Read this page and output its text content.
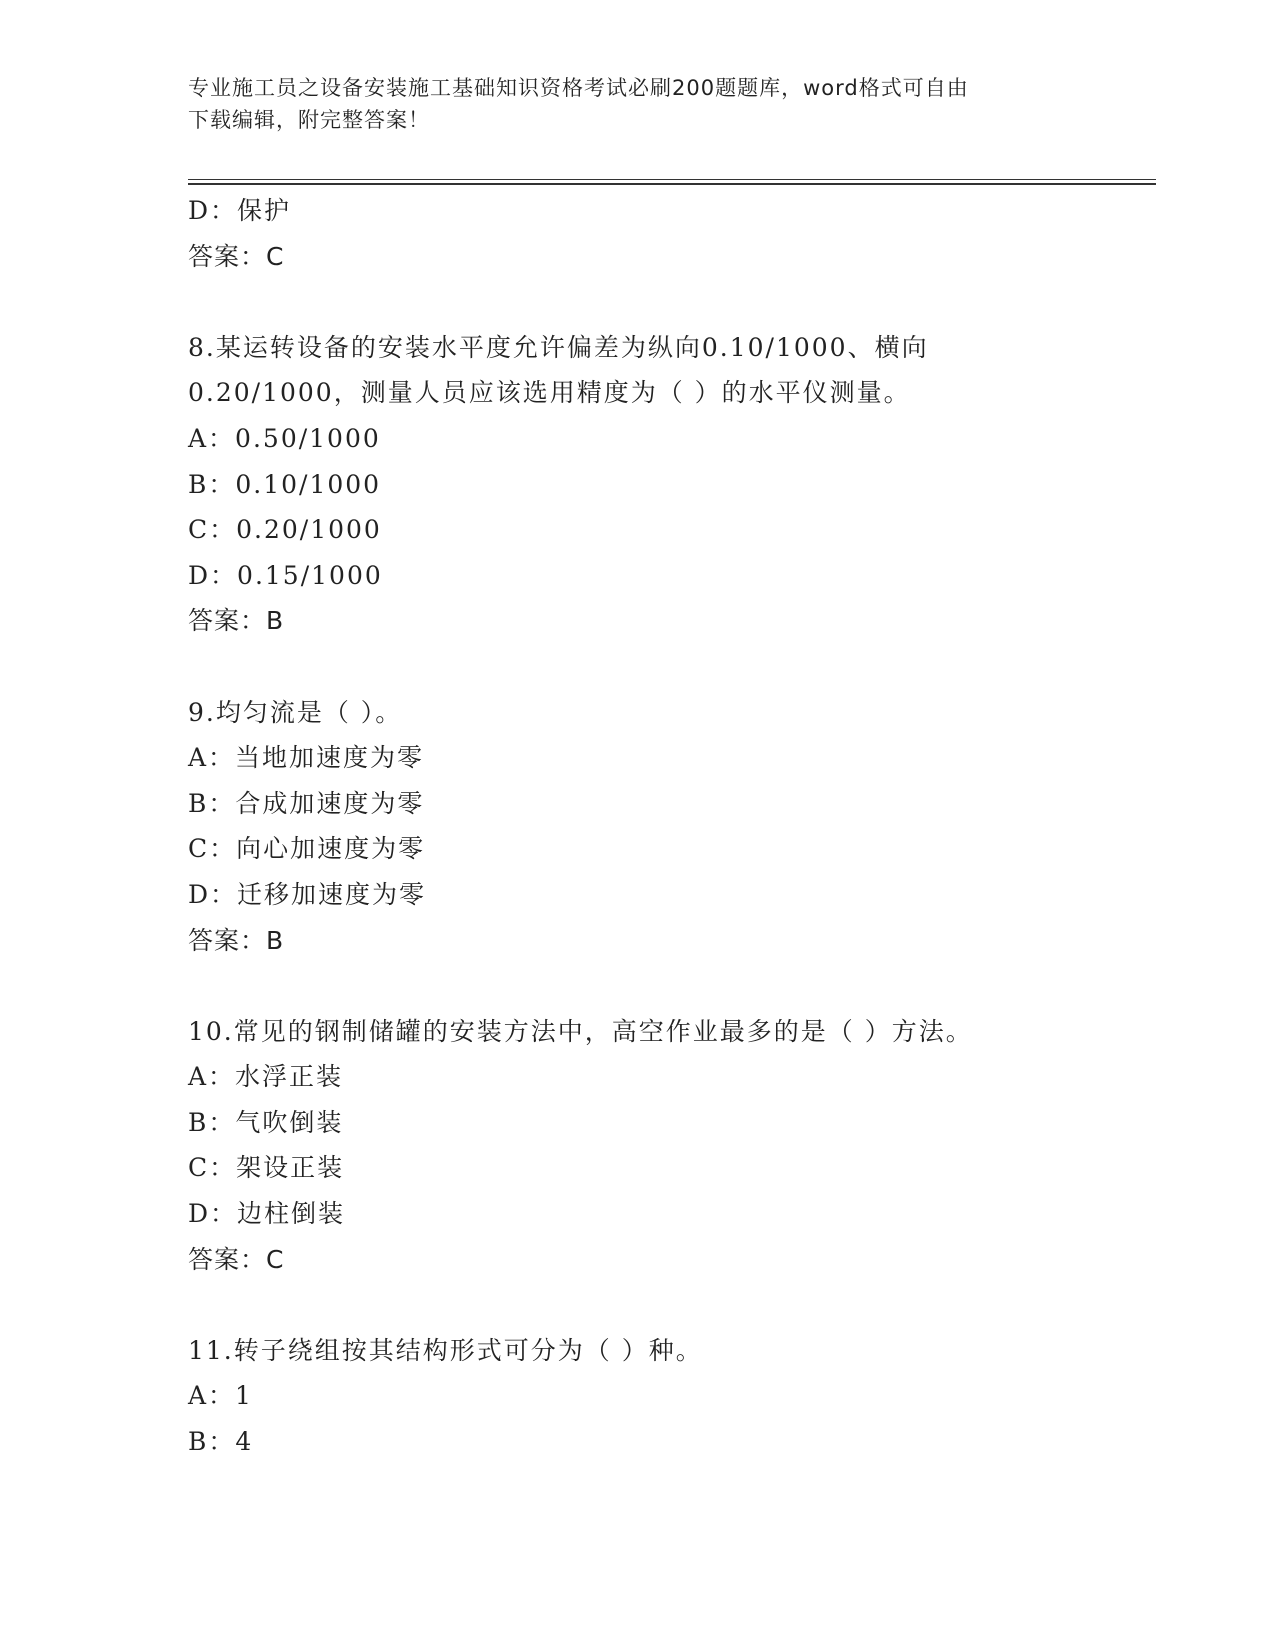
专业施工员之设备安装施工基础知识资格考试必刷200题题库，word格式可自由
下载编辑，附完整答案！
D：保护
答案：C
8.某运转设备的安装水平度允许偏差为纵向0.10/1000、横向
0.20/1000，测量人员应该选用精度为（ ）的水平仪测量。
A：0.50/1000
B：0.10/1000
C：0.20/1000
D：0.15/1000
答案：B
9.均匀流是（ ）。
A：当地加速度为零
B：合成加速度为零
C：向心加速度为零
D：迁移加速度为零
答案：B
10.常见的钢制储罐的安装方法中，高空作业最多的是（ ）方法。
A：水浮正装
B：气吹倒装
C：架设正装
D：边柱倒装
答案：C
11.转子绕组按其结构形式可分为（ ）种。
A：1
B：4
